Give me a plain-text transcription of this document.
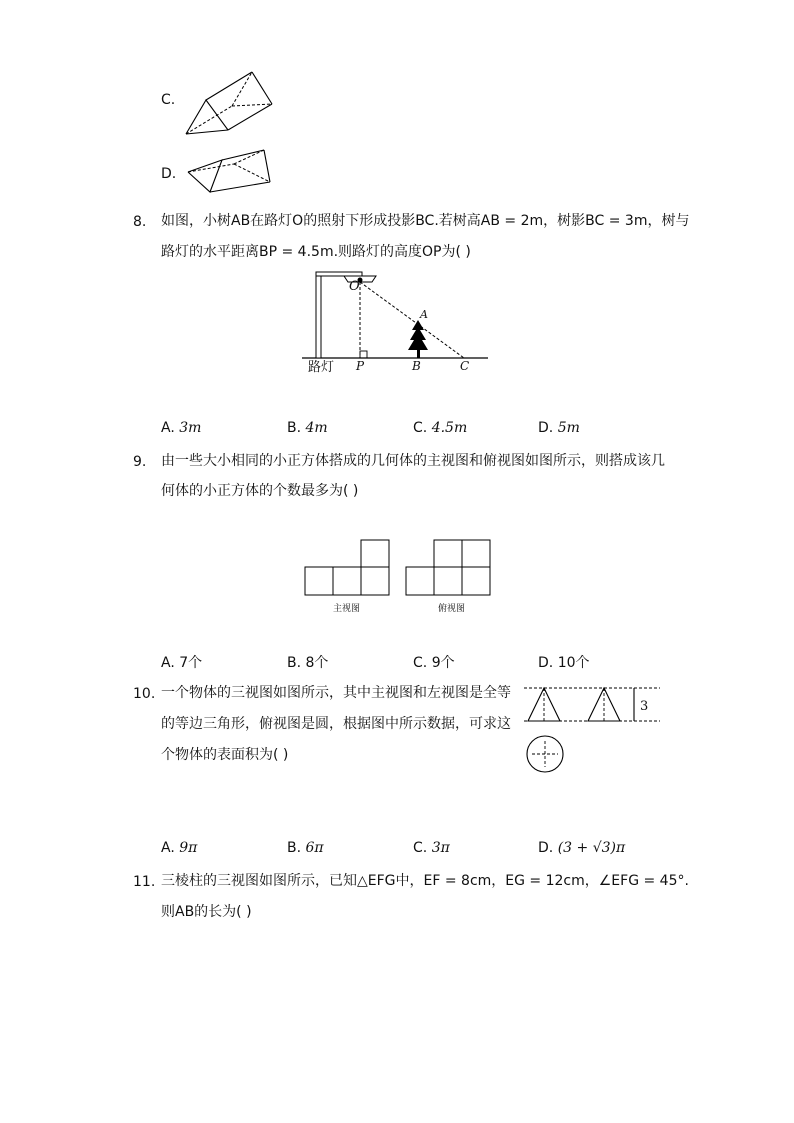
C.
D.
8. 如图，小树AB在路灯O的照射下形成投影BC.若树高AB = 2m，树影BC = 3m，树与
路灯的水平距离BP = 4.5m.则路灯的高度OP为( )
O
A
路灯 P	B	C
A. 3m	B. 4m	C. 4.5m	D. 5m
9. 由一些大小相同的小正方体搭成的几何体的主视图和俯视图如图所示，则搭成该几
何体的小正方体的个数最多为( )
主视图	俯视图
A. 7个	B. 8个	C. 9个	D. 10个
10. 一个物体的三视图如图所示，其中主视图和左视图是全等
的等边三角形，俯视图是圆，根据图中所示数据，可求这
个物体的表面积为( )
3
A. 9π	B. 6π	C. 3π	D. (3 + √3)π
11. 三棱柱的三视图如图所示，已知△EFG中，EF = 8cm，EG = 12cm，∠EFG = 45°.
则AB的长为( )
